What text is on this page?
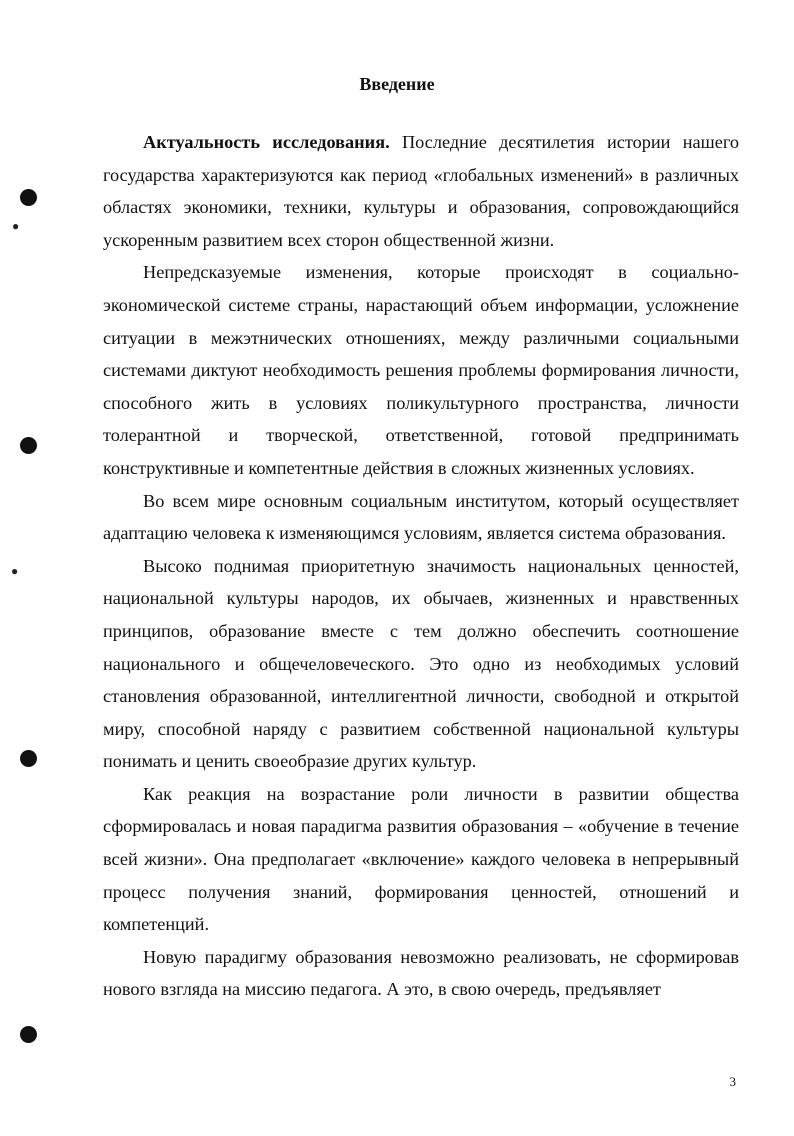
●
●
Введение

Актуальность исследования. Последние десятилетия истории нашего государства характеризуются как период «глобальных изменений» в различных областях экономики, техники, культуры и образования, сопровождающийся ускоренным развитием всех сторон общественной жизни.

Непредсказуемые изменения, которые происходят в социально-экономической системе страны, нарастающий объем информации, усложнение ситуации в межэтнических отношениях, между различными социальными системами диктуют необходимость решения проблемы формирования личности, способного жить в условиях поликультурного пространства, личности толерантной и творческой, ответственной, готовой предпринимать конструктивные и компетентные действия в сложных жизненных условиях.

Во всем мире основным социальным институтом, который осуществляет адаптацию человека к изменяющимся условиям, является система образования.

Высоко поднимая приоритетную значимость национальных ценностей, национальной культуры народов, их обычаев, жизненных и нравственных принципов, образование вместе с тем должно обеспечить соотношение национального и общечеловеческого. Это одно из необходимых условий становления образованной, интеллигентной личности, свободной и открытой миру, способной наряду с развитием собственной национальной культуры понимать и ценить своеобразие других культур.

Как реакция на возрастание роли личности в развитии общества сформировалась и новая парадигма развития образования – «обучение в течение всей жизни». Она предполагает «включение» каждого человека в непрерывный процесс получения знаний, формирования ценностей, отношений и компетенций.

Новую парадигму образования невозможно реализовать, не сформировав нового взгляда на миссию педагога. А это, в свою очередь, предъявляет

3
